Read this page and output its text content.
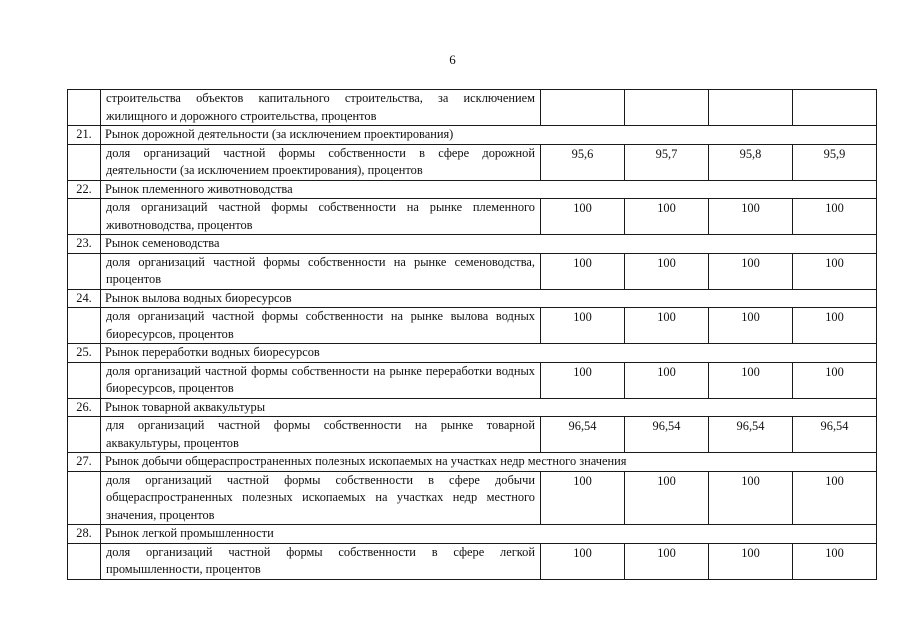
6
	строительства объектов капитального строительства, за исключением жилищного и дорожного строительства, процентов				
21.	Рынок дорожной деятельности (за исключением проектирования)				
	доля организаций частной формы собственности в сфере дорожной деятельности (за исключением проектирования), процентов	95,6	95,7	95,8	95,9
22.	Рынок племенного животноводства				
	доля организаций частной формы собственности на рынке племенного животноводства, процентов	100	100	100	100
23.	Рынок семеноводства				
	доля организаций частной формы собственности на рынке семеноводства, процентов	100	100	100	100
24.	Рынок вылова водных биоресурсов				
	доля организаций частной формы собственности на рынке вылова водных биоресурсов, процентов	100	100	100	100
25.	Рынок переработки водных биоресурсов				
	доля организаций частной формы собственности на рынке переработки водных биоресурсов, процентов	100	100	100	100
26.	Рынок товарной аквакультуры				
	для организаций частной формы собственности на рынке товарной аквакультуры, процентов	96,54	96,54	96,54	96,54
27.	Рынок добычи общераспространенных полезных ископаемых на участках недр местного значения				
	доля организаций частной формы собственности в сфере добычи общераспространенных полезных ископаемых на участках недр местного значения, процентов	100	100	100	100
28.	Рынок легкой промышленности				
	доля организаций частной формы собственности в сфере легкой промышленности, процентов	100	100	100	100
